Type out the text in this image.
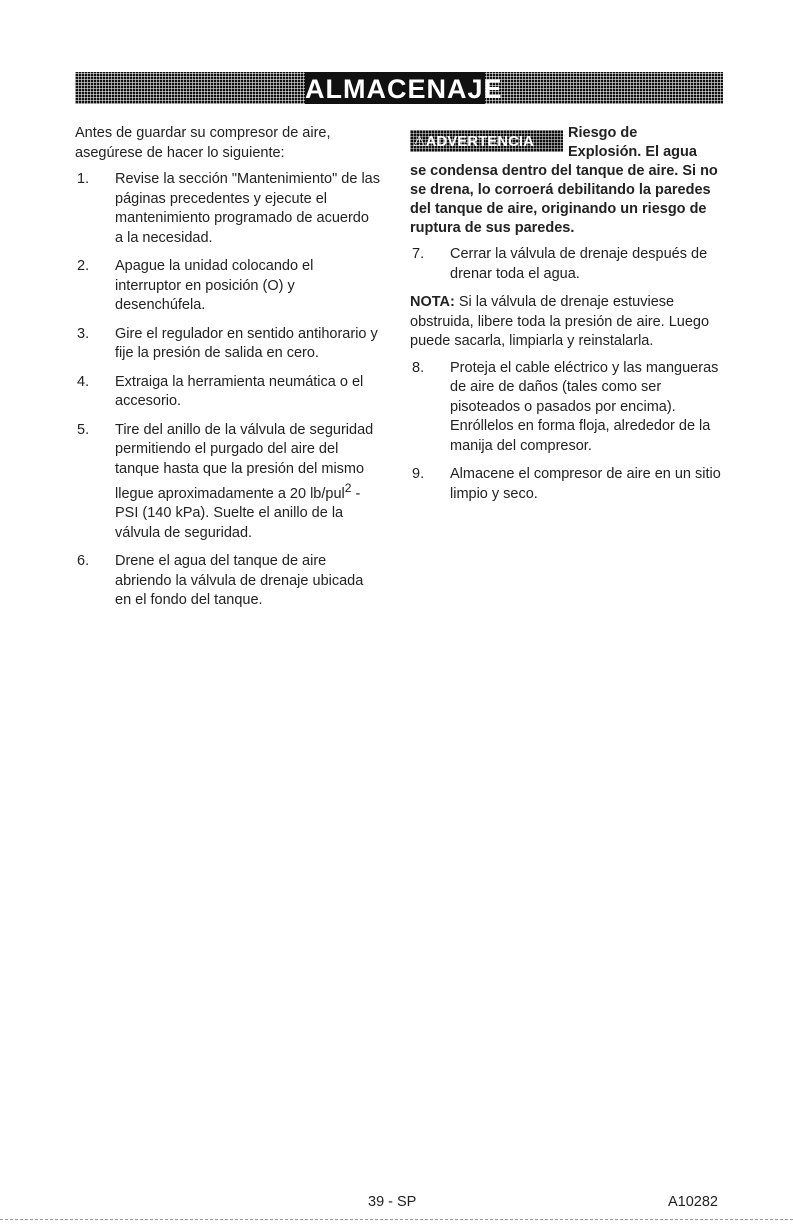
ALMACENAJE

Antes de guardar su compresor de aire, asegúrese de hacer lo siguiente:

1. Revise la sección "Mantenimiento" de las páginas precedentes y ejecute el mantenimiento programado de acuerdo a la necesidad.
2. Apague la unidad colocando el interruptor en posición (O) y desenchúfela.
3. Gire el regulador en sentido antihorario y fije la presión de salida en cero.
4. Extraiga la herramienta neumática o el accesorio.
5. Tire del anillo de la válvula de seguridad permitiendo el purgado del aire del tanque hasta que la presión del mismo llegue aproximadamente a 20 lb/pul$^2$ -PSI (140 kPa). Suelte el anillo de la válvula de seguridad.
6. Drene el agua del tanque de aire abriendo la válvula de drenaje ubicada en el fondo del tanque.
⚠ADVERTENCIA	Riesgo de
Explosión. El agua

se condensa dentro del tanque de aire. Si no se drena, lo corroerá debilitando la paredes del tanque de aire, originando un riesgo de ruptura de sus paredes.

7. Cerrar la válvula de drenaje después de drenar toda el agua.

NOTA: Si la válvula de drenaje estuviese obstruida, libere toda la presión de aire. Luego puede sacarla, limpiarla y reinstalarla.

8. Proteja el cable eléctrico y las mangueras de aire de daños (tales como ser pisoteados o pasados por encima). Enróllelos en forma floja, alrededor de la manija del compresor.
9. Almacene el compresor de aire en un sitio limpio y seco.
39 - SP	A10282
